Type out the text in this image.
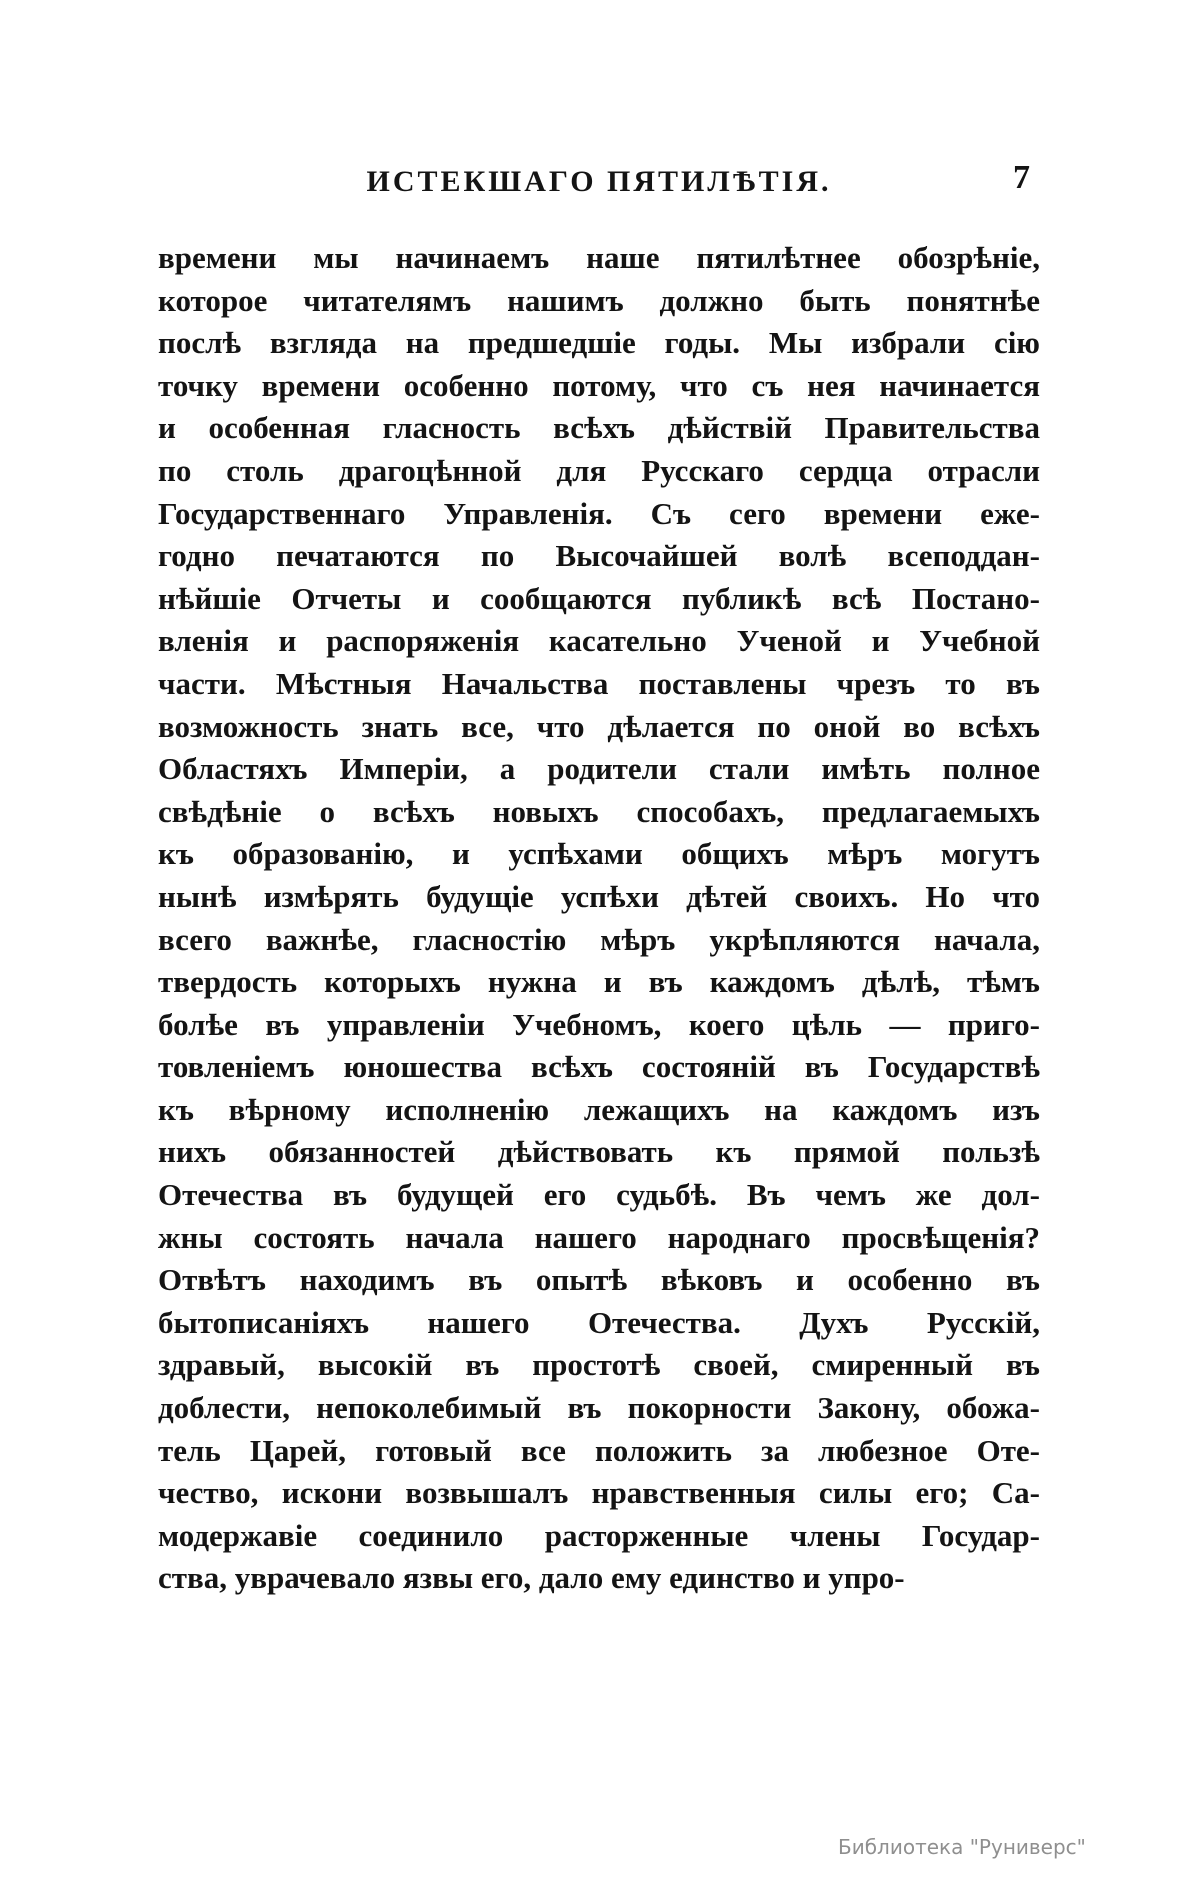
ИСТЕКШАГО ПЯТИЛѢТІЯ.	7
времени мы начинаемъ наше пятилѣтнее обозрѣніе,
которое читателямъ нашимъ должно быть понятнѣе
послѣ взгляда на предшедшіе годы. Мы избрали сію
точку времени особенно потому, что съ нея начинается
и особенная гласность всѣхъ дѣйствій Правительства
по столь драгоцѣнной для Русскаго сердца отрасли
Государственнаго Управленія. Съ сего времени еже-
годно печатаются по Высочайшей волѣ всеподдан-
нѣйшіе Отчеты и сообщаются публикѣ всѣ Постано-
вленія и распоряженія касательно Ученой и Учебной
части. Мѣстныя Начальства поставлены чрезъ то въ
возможность знать все, что дѣлается по оной во всѣхъ
Областяхъ Имперіи, а родители стали имѣть полное
свѣдѣніе о всѣхъ новыхъ способахъ, предлагаемыхъ
къ образованію, и успѣхами общихъ мѣръ могутъ
нынѣ измѣрять будущіе успѣхи дѣтей своихъ. Но что
всего важнѣе, гласностію мѣръ укрѣпляются начала,
твердость которыхъ нужна и въ каждомъ дѣлѣ, тѣмъ
болѣе въ управленіи Учебномъ, коего цѣль — приго-
товленіемъ юношества всѣхъ состояній въ Государствѣ
къ вѣрному исполненію лежащихъ на каждомъ изъ
нихъ обязанностей дѣйствовать къ прямой пользѣ
Отечества въ будущей его судьбѣ. Въ чемъ же дол-
жны состоять начала нашего народнаго просвѣщенія?
Отвѣтъ находимъ въ опытѣ вѣковъ и особенно въ
бытописаніяхъ нашего Отечества. Духъ Русскій,
здравый, высокій въ простотѣ своей, смиренный въ
доблести, непоколебимый въ покорности Закону, обожа-
тель Царей, готовый все положить за любезное Оте-
чество, искони возвышалъ нравственныя силы его; Са-
модержавіе соединило расторженные члены Государ-
ства, уврачевало язвы его, дало ему единство и упро-
Библиотека "Руниверс"
